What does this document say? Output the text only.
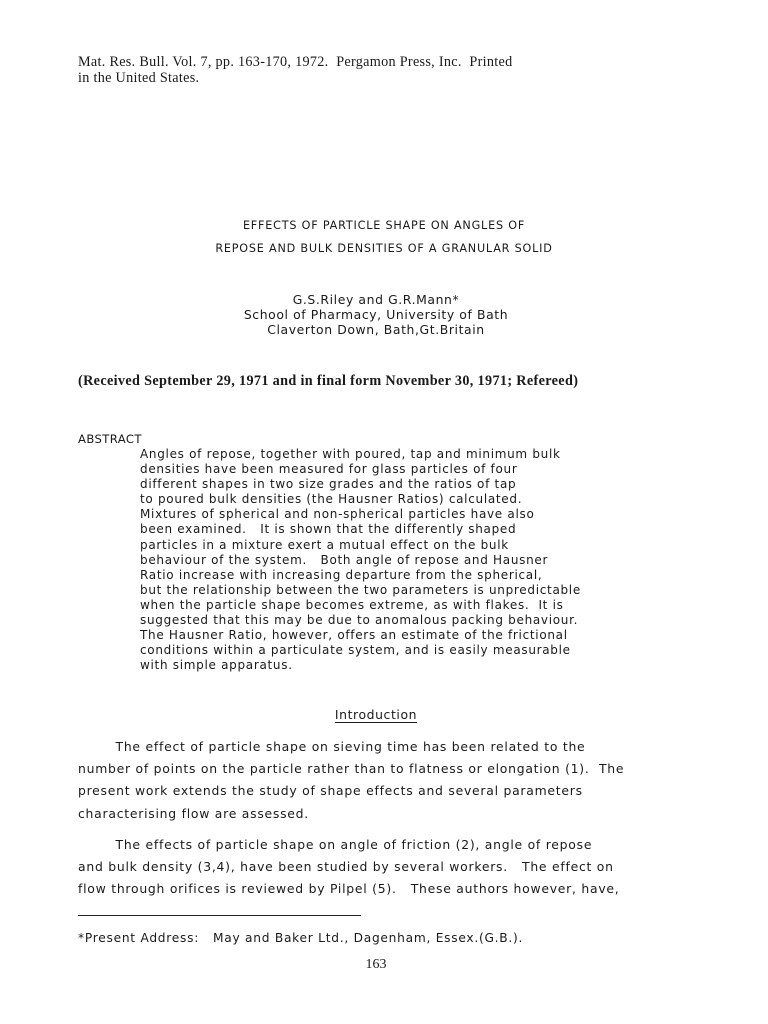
Mat. Res. Bull. Vol. 7, pp. 163-170, 1972.  Pergamon Press, Inc.  Printed
in the United States.
EFFECTS OF PARTICLE SHAPE ON ANGLES OF
REPOSE AND BULK DENSITIES OF A GRANULAR SOLID
G.S.Riley and G.R.Mann*
School of Pharmacy, University of Bath
Claverton Down, Bath,Gt.Britain
(Received September 29, 1971 and in final form November 30, 1971; Refereed)
ABSTRACT
Angles of repose, together with poured, tap and minimum bulk
densities have been measured for glass particles of four
different shapes in two size grades and the ratios of tap
to poured bulk densities (the Hausner Ratios) calculated.
Mixtures of spherical and non-spherical particles have also
been examined.   It is shown that the differently shaped
particles in a mixture exert a mutual effect on the bulk
behaviour of the system.   Both angle of repose and Hausner
Ratio increase with increasing departure from the spherical,
but the relationship between the two parameters is unpredictable
when the particle shape becomes extreme, as with flakes.  It is
suggested that this may be due to anomalous packing behaviour.
The Hausner Ratio, however, offers an estimate of the frictional
conditions within a particulate system, and is easily measurable
with simple apparatus.
Introduction
The effect of particle shape on sieving time has been related to the
number of points on the particle rather than to flatness or elongation (1).  The
present work extends the study of shape effects and several parameters
characterising flow are assessed.
The effects of particle shape on angle of friction (2), angle of repose
and bulk density (3,4), have been studied by several workers.   The effect on
flow through orifices is reviewed by Pilpel (5).   These authors however, have,
*Present Address:   May and Baker Ltd., Dagenham, Essex.(G.B.).
163
